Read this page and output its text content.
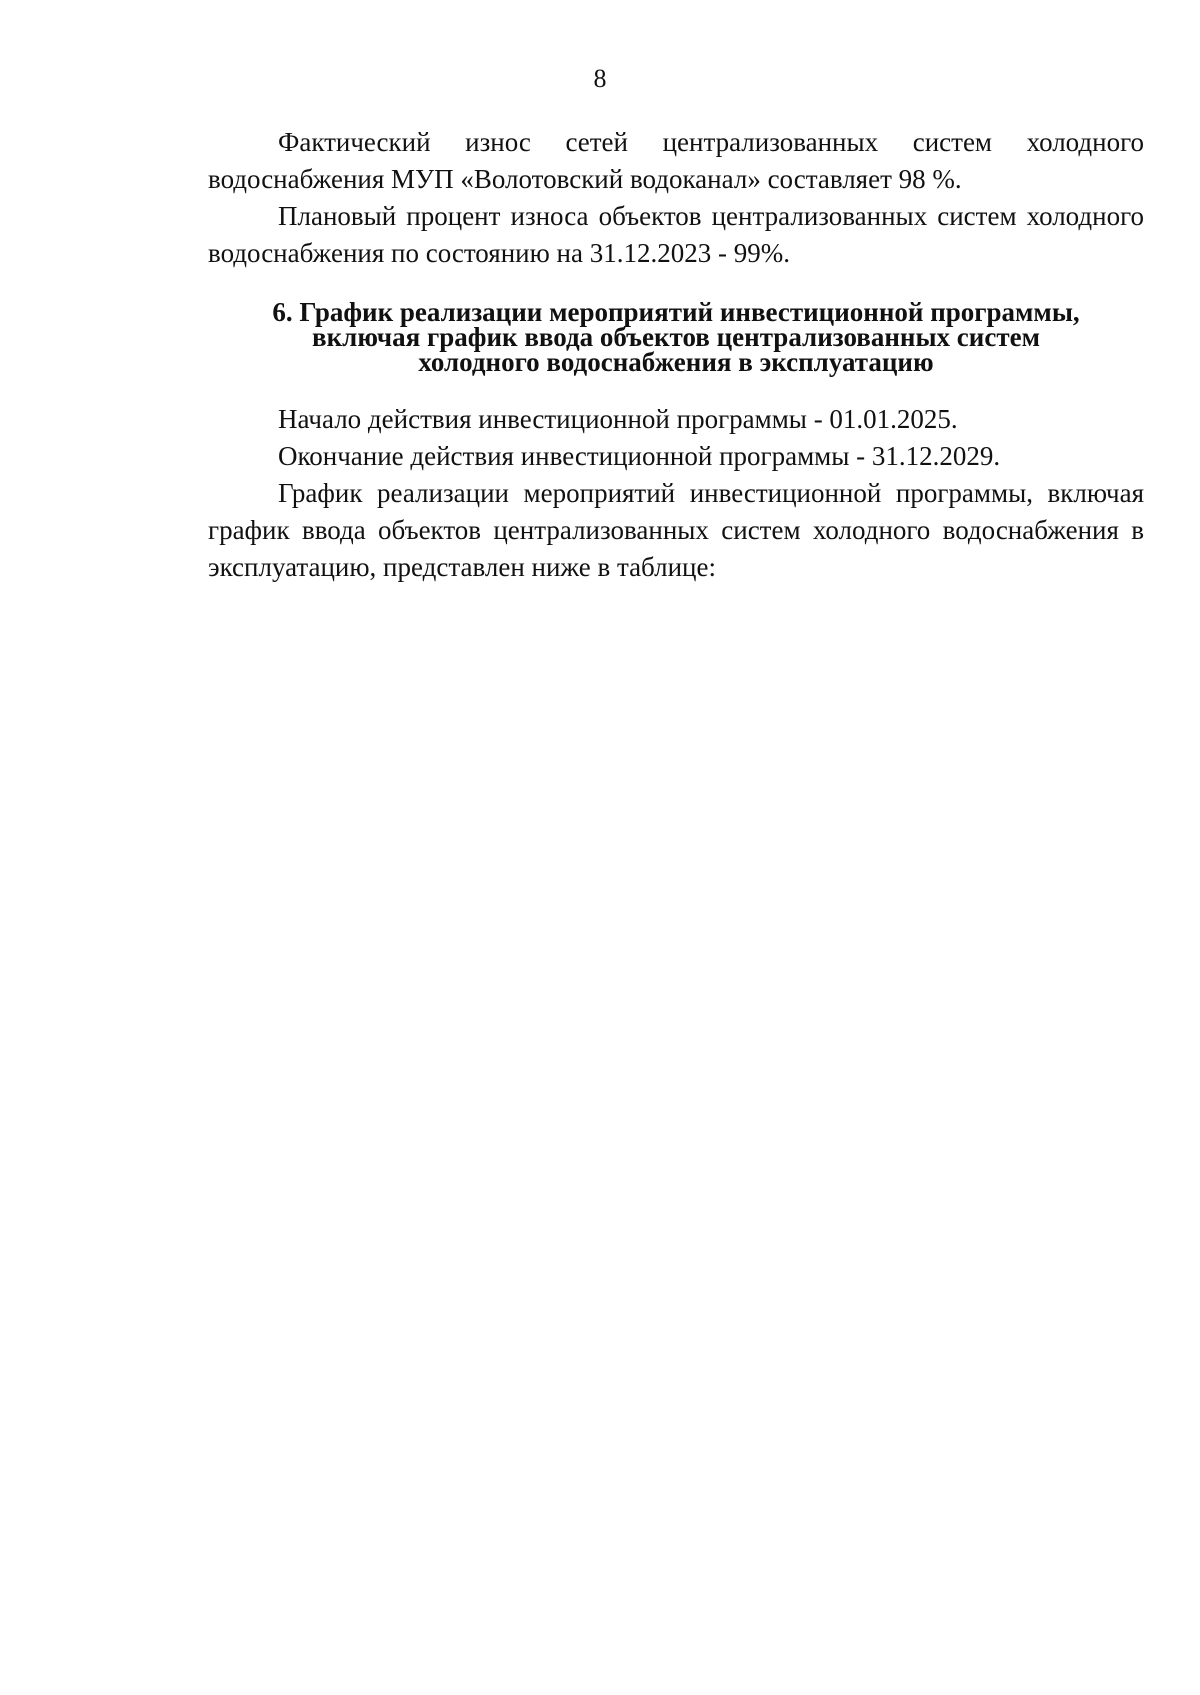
8

Фактический износ сетей централизованных систем холодного водоснабжения МУП «Волотовский водоканал» составляет 98 %.

Плановый процент износа объектов централизованных систем холодного водоснабжения по состоянию на 31.12.2023 - 99%.

6. График реализации мероприятий инвестиционной программы,
включая график ввода объектов централизованных систем
холодного водоснабжения в эксплуатацию

Начало действия инвестиционной программы - 01.01.2025.

Окончание действия инвестиционной программы - 31.12.2029.

График реализации мероприятий инвестиционной программы, включая график ввода объектов централизованных систем холодного водоснабжения в эксплуатацию, представлен ниже в таблице:
